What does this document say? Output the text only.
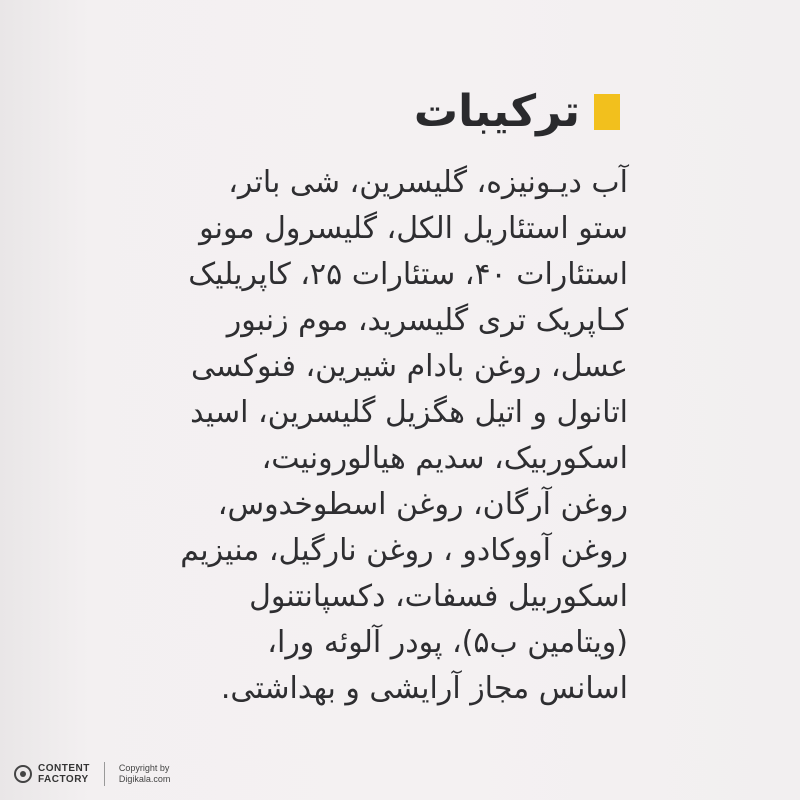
ترکیبات
آب دیـونیزه، گلیسرین، شی باتر،
ستو استئاریل الکل، گلیسرول مونو
استئارات ۴۰، ستئارات ۲۵، کاپریلیک
کـاپریک تری گلیسرید، موم زنبور
عسل، روغن بادام شیرین، فنوکسی
اتانول و اتیل هگزیل گلیسرین، اسید
اسکوربیک، سدیم هیالورونیت،
روغن آرگان، روغن اسطوخدوس،
روغن آووکادو ، روغن نارگیل، منیزیم
اسکوربیل فسفات، دکسپانتنول
(ویتامین ب۵)، پودر آلوئه ورا،
اسانس مجاز آرایشی و بهداشتی.
CONTENT
FACTORY
Copyright by
Digikala.com
